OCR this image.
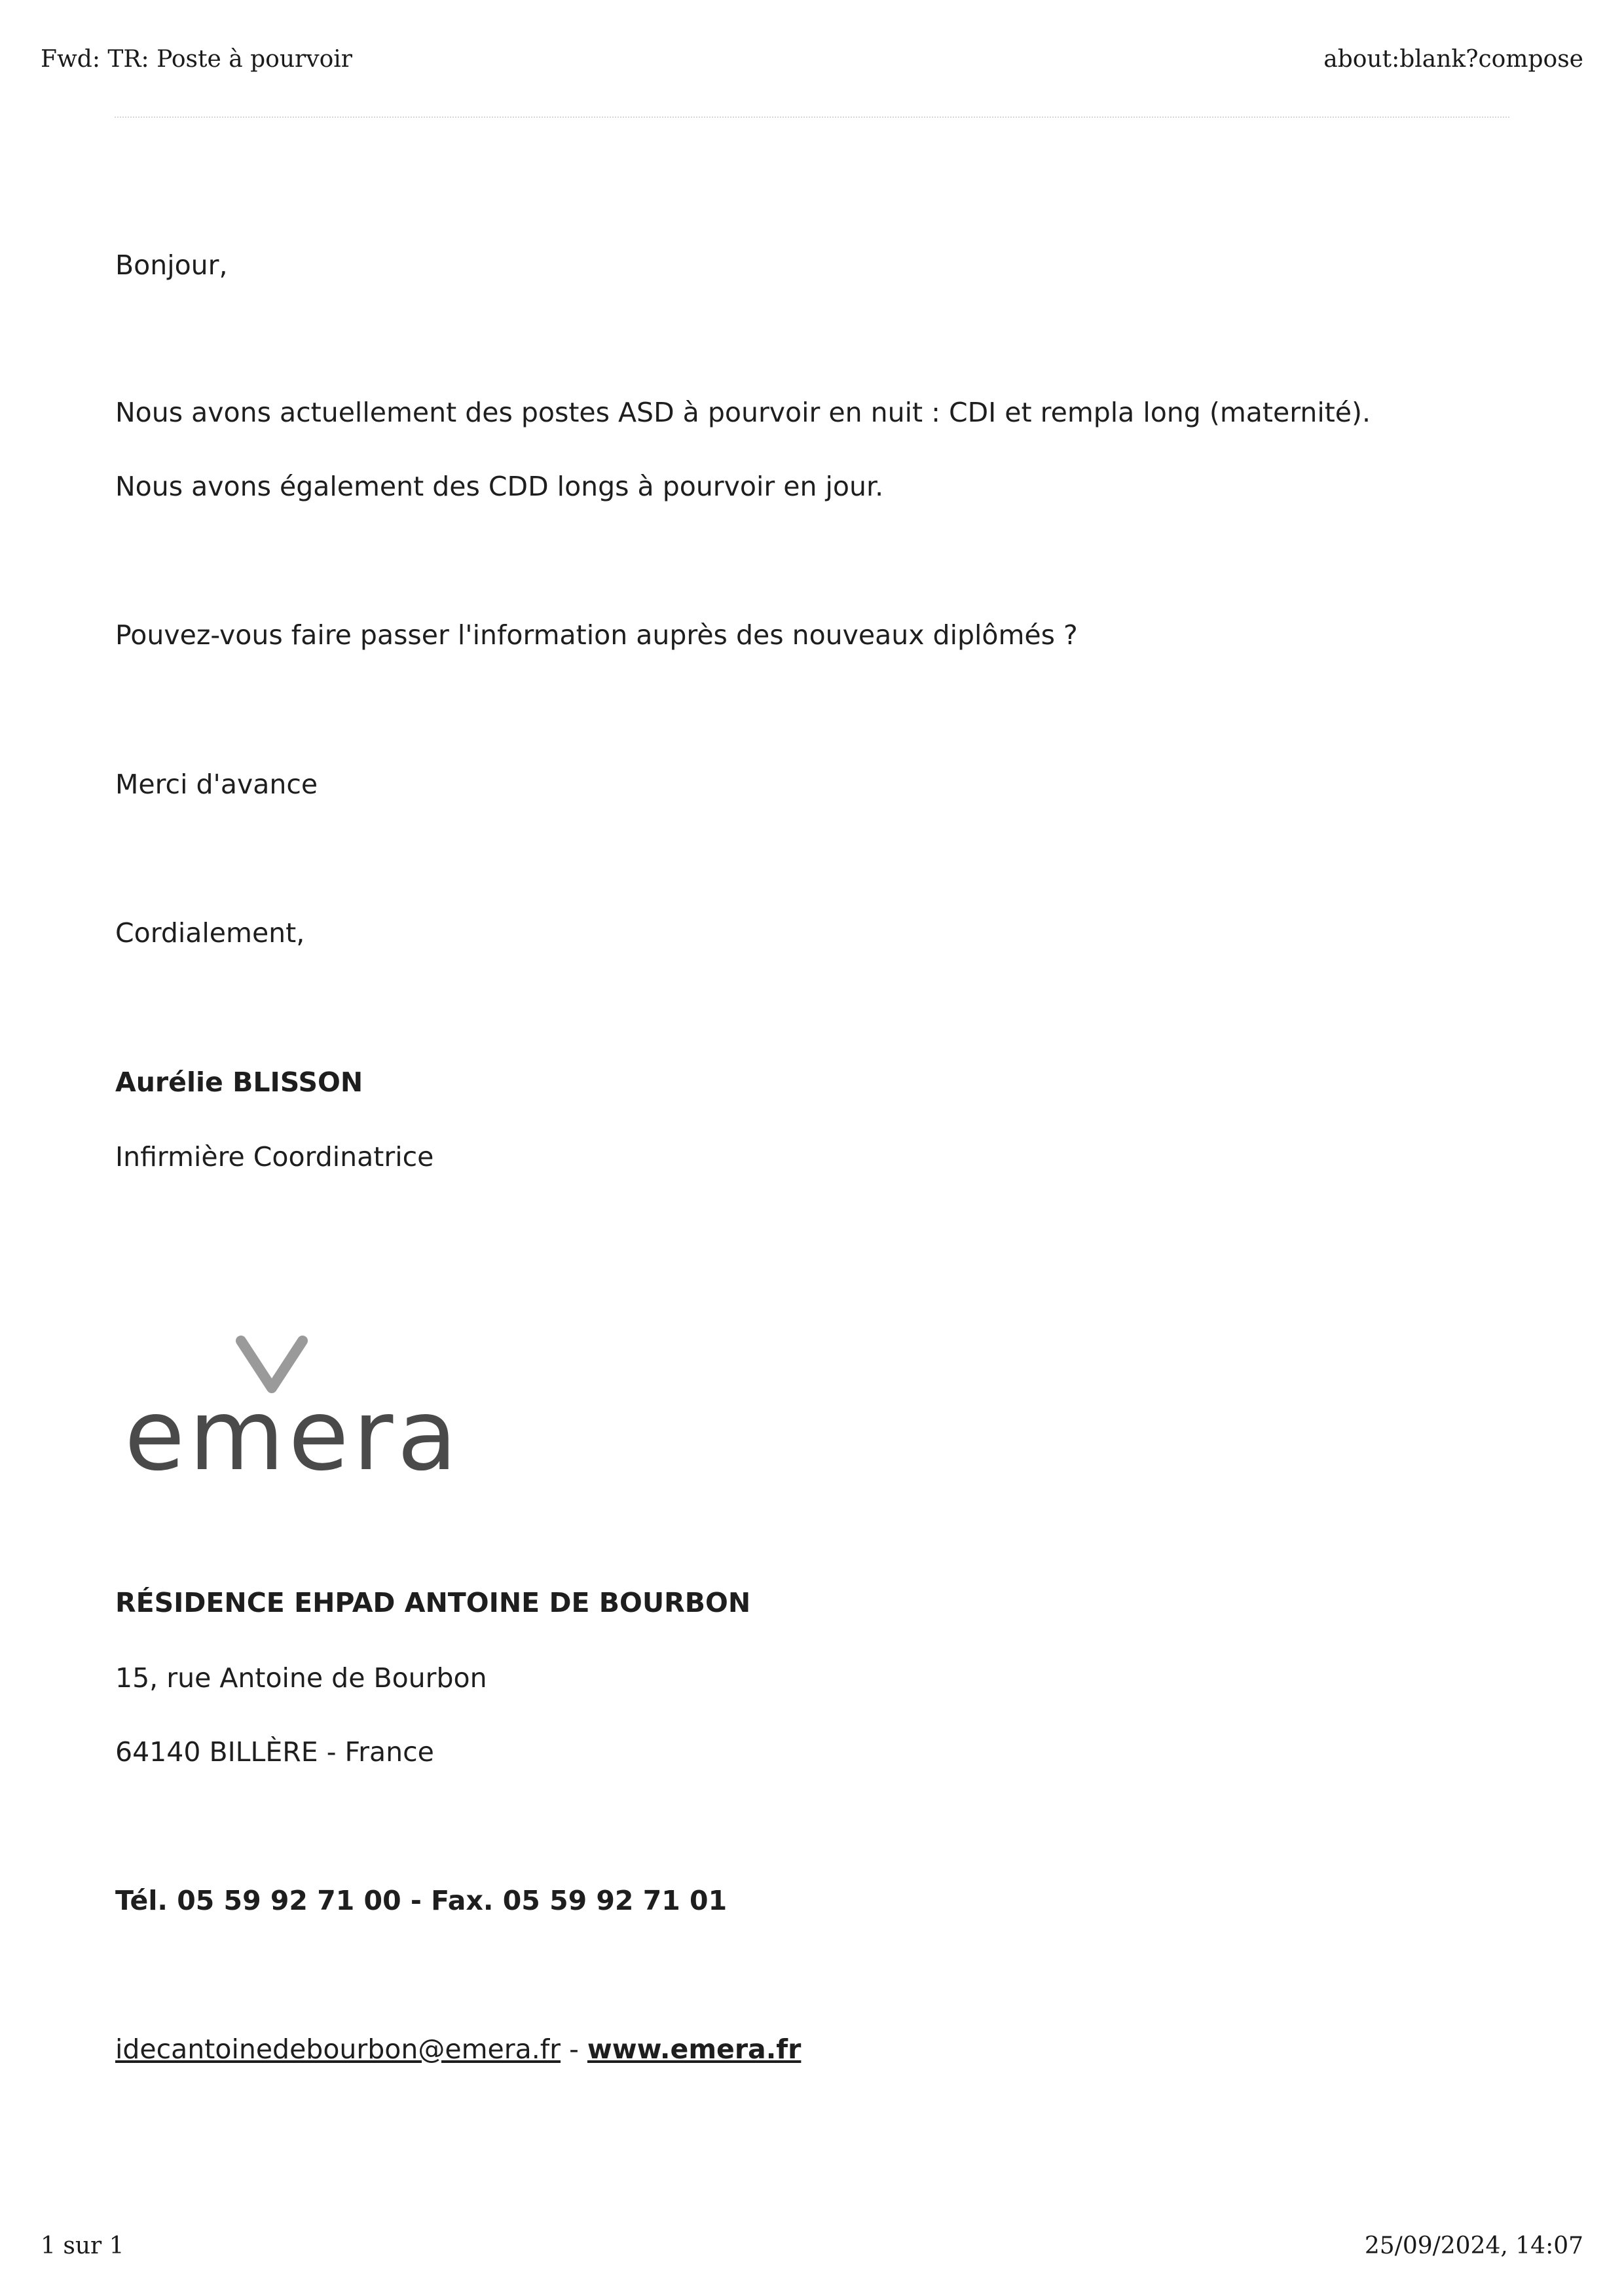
Fwd: TR: Poste à pourvoir	about:blank?compose
Bonjour,
Nous avons actuellement des postes ASD à pourvoir en nuit : CDI et rempla long (maternité).
Nous avons également des CDD longs à pourvoir en jour.
Pouvez-vous faire passer l'information auprès des nouveaux diplômés ?
Merci d'avance
Cordialement,
Aurélie BLISSON
Infirmière Coordinatrice
RÉSIDENCE EHPAD ANTOINE DE BOURBON
15, rue Antoine de Bourbon
64140 BILLÈRE - France
Tél. 05 59 92 71 00 - Fax. 05 59 92 71 01
idecantoinedebourbon@emera.fr - www.emera.fr
emera
1 sur 1	25/09/2024, 14:07
